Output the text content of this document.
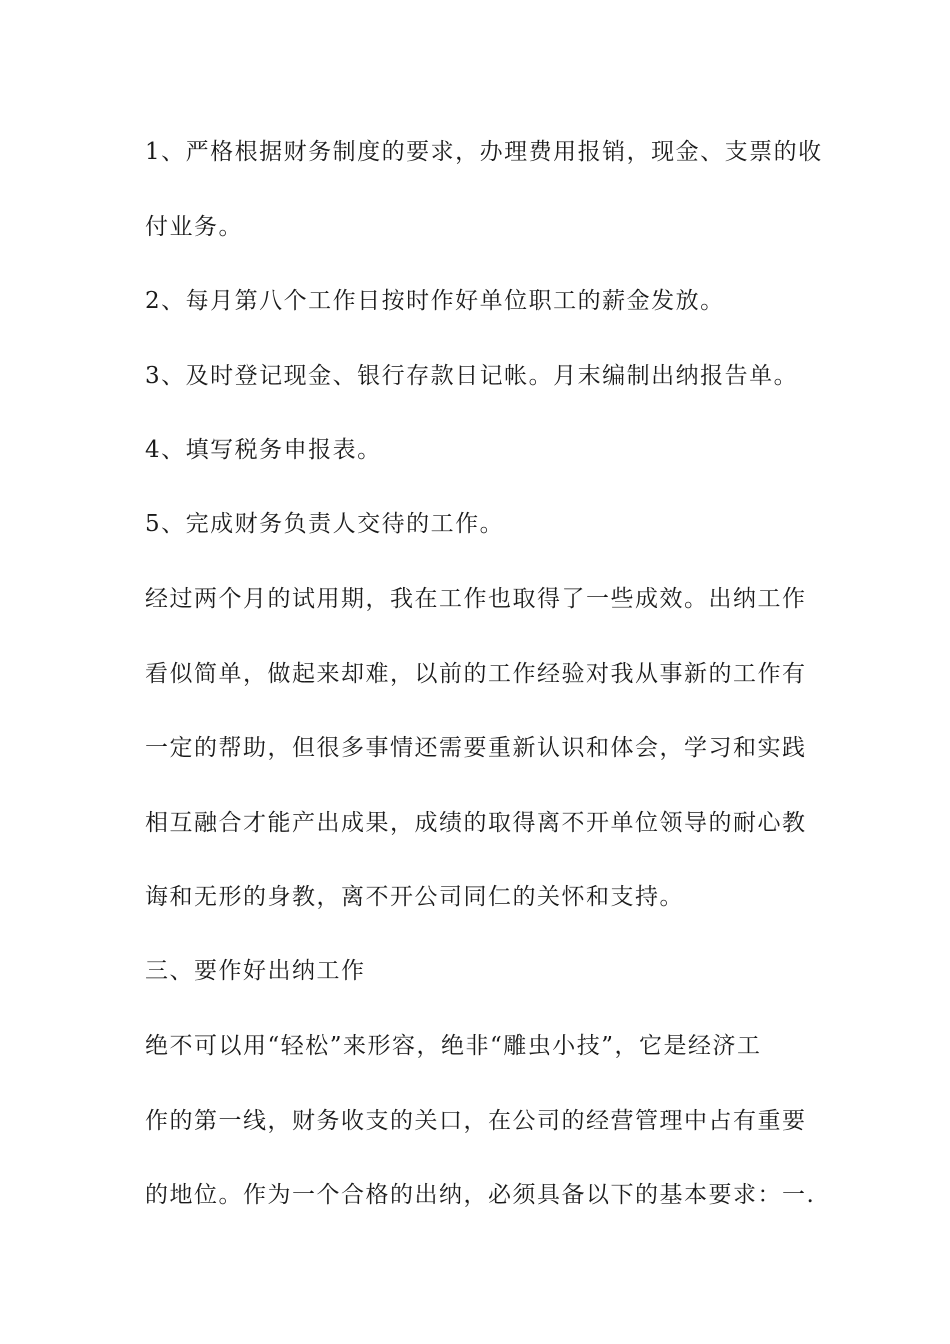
1、严格根据财务制度的要求，办理费用报销，现金、支票的收

付业务。

2、每月第八个工作日按时作好单位职工的薪金发放。

3、及时登记现金、银行存款日记帐。月末编制出纳报告单。

4、填写税务申报表。

5、完成财务负责人交待的工作。

经过两个月的试用期，我在工作也取得了一些成效。出纳工作

看似简单，做起来却难，以前的工作经验对我从事新的工作有

一定的帮助，但很多事情还需要重新认识和体会，学习和实践

相互融合才能产出成果，成绩的取得离不开单位领导的耐心教

诲和无形的身教，离不开公司同仁的关怀和支持。

三、要作好出纳工作

绝不可以用“轻松”来形容，绝非“雕虫小技”，它是经济工

作的第一线，财务收支的关口，在公司的经营管理中占有重要

的地位。作为一个合格的出纳，必须具备以下的基本要求：一.
